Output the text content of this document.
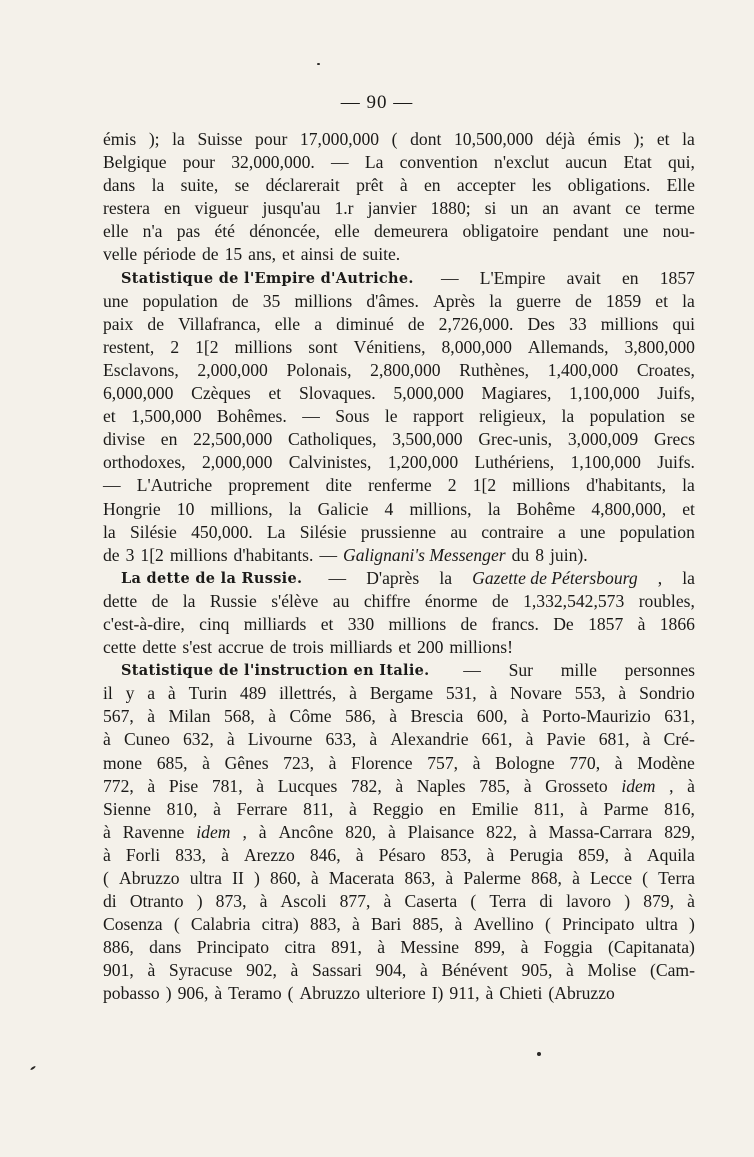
— 90 —
émis ); la Suisse pour 17,000,000 ( dont 10,500,000 déjà émis ); et la
Belgique pour 32,000,000. — La convention n'exclut aucun Etat qui,
dans la suite, se déclarerait prêt à en accepter les obligations. Elle
restera en vigueur jusqu'au 1.r janvier 1880; si un an avant ce terme
elle n'a pas été dénoncée, elle demeurera obligatoire pendant une nou-
velle période de 15 ans, et ainsi de suite.
Statistique de l'Empire d'Autriche. — L'Empire avait en 1857
une population de 35 millions d'âmes. Après la guerre de 1859 et la
paix de Villafranca, elle a diminué de 2,726,000. Des 33 millions qui
restent, 2 1[2 millions sont Vénitiens, 8,000,000 Allemands, 3,800,000
Esclavons, 2,000,000 Polonais, 2,800,000 Ruthènes, 1,400,000 Croates,
6,000,000 Czèques et Slovaques. 5,000,000 Magiares, 1,100,000 Juifs,
et 1,500,000 Bohêmes. — Sous le rapport religieux, la population se
divise en 22,500,000 Catholiques, 3,500,000 Grec-unis, 3,000,009 Grecs
orthodoxes, 2,000,000 Calvinistes, 1,200,000 Luthériens, 1,100,000 Juifs.
— L'Autriche proprement dite renferme 2 1[2 millions d'habitants, la
Hongrie 10 millions, la Galicie 4 millions, la Bohême 4,800,000, et
la Silésie 450,000. La Silésie prussienne au contraire a une population
de 3 1[2 millions d'habitants. — Galignani's Messenger du 8 juin).
La dette de la Russie. — D'après la Gazette de Pétersbourg , la
dette de la Russie s'élève au chiffre énorme de 1,332,542,573 roubles,
c'est-à-dire, cinq milliards et 330 millions de francs. De 1857 à 1866
cette dette s'est accrue de trois milliards et 200 millions!
Statistique de l'instruction en Italie. — Sur mille personnes
il y a à Turin 489 illettrés, à Bergame 531, à Novare 553, à Sondrio
567, à Milan 568, à Côme 586, à Brescia 600, à Porto-Maurizio 631,
à Cuneo 632, à Livourne 633, à Alexandrie 661, à Pavie 681, à Cré-
mone 685, à Gênes 723, à Florence 757, à Bologne 770, à Modène
772, à Pise 781, à Lucques 782, à Naples 785, à Grosseto idem , à
Sienne 810, à Ferrare 811, à Reggio en Emilie 811, à Parme 816,
à Ravenne idem , à Ancône 820, à Plaisance 822, à Massa-Carrara 829,
à Forli 833, à Arezzo 846, à Pésaro 853, à Perugia 859, à Aquila
( Abruzzo ultra II ) 860, à Macerata 863, à Palerme 868, à Lecce ( Terra
di Otranto ) 873, à Ascoli 877, à Caserta ( Terra di lavoro ) 879, à
Cosenza ( Calabria citra) 883, à Bari 885, à Avellino ( Principato ultra )
886, dans Principato citra 891, à Messine 899, à Foggia (Capitanata)
901, à Syracuse 902, à Sassari 904, à Bénévent 905, à Molise (Cam-
pobasso ) 906, à Teramo ( Abruzzo ulteriore I) 911, à Chieti (Abruzzo
